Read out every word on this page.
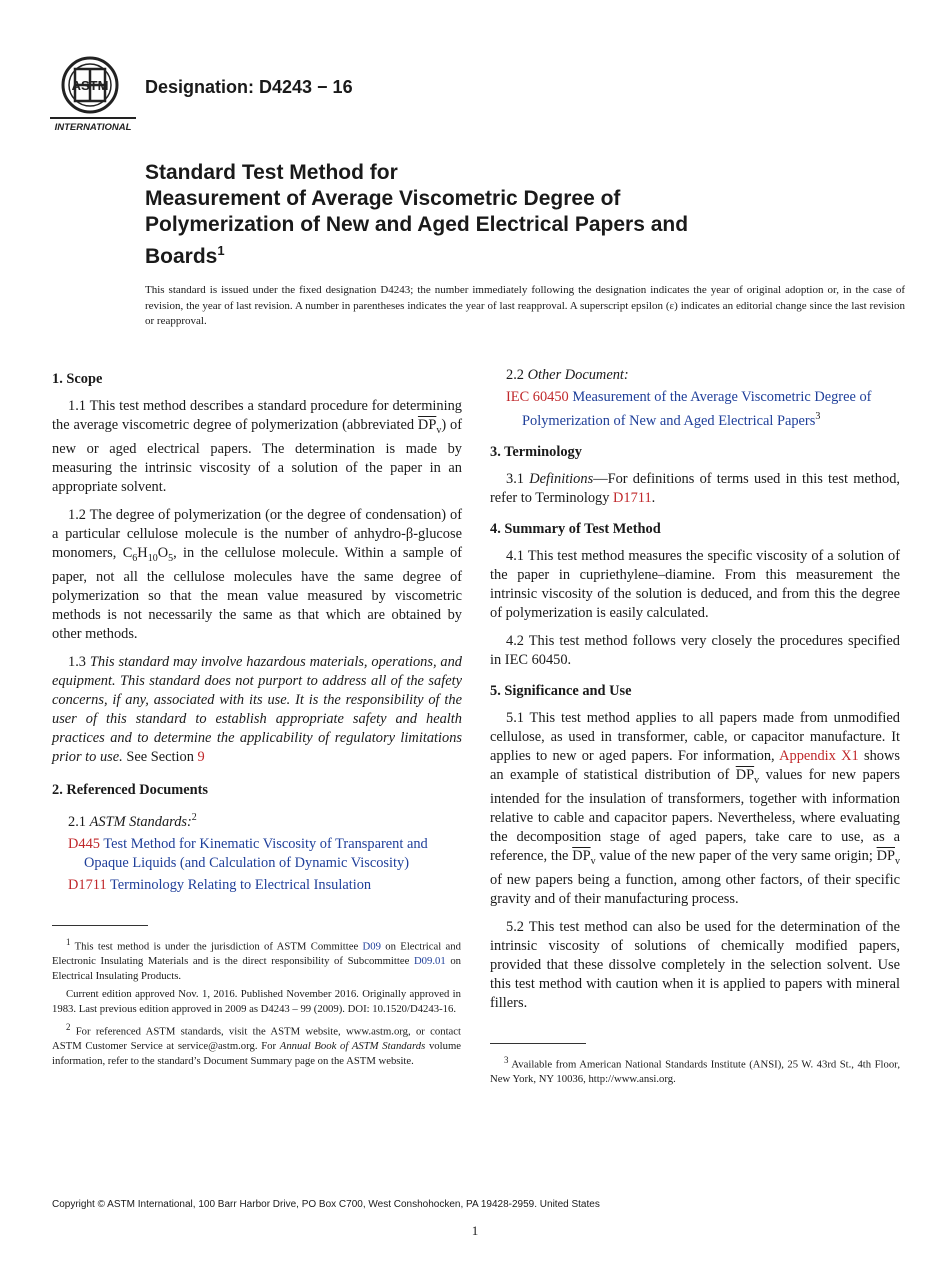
ASTM
INTERNATIONAL
Designation: D4243 − 16
Standard Test Method for
Measurement of Average Viscometric Degree of
Polymerization of New and Aged Electrical Papers and
Boards$^1$
This standard is issued under the fixed designation D4243; the number immediately following the designation indicates the year of original adoption or, in the case of revision, the year of last revision. A number in parentheses indicates the year of last reapproval. A superscript epsilon (ε) indicates an editorial change since the last revision or reapproval.
1. Scope

1.1 This test method describes a standard procedure for determining the average viscometric degree of polymerization (abbreviated $\overline{DP}_v$) of new or aged electrical papers. The determination is made by measuring the intrinsic viscosity of a solution of the paper in an appropriate solvent.

1.2 The degree of polymerization (or the degree of condensation) of a particular cellulose molecule is the number of anhydro-β-glucose monomers, $C_6H_{10}O_5$, in the cellulose molecule. Within a sample of paper, not all the cellulose molecules have the same degree of polymerization so that the mean value measured by viscometric methods is not necessarily the same as that which are obtained by other methods.

1.3 This standard may involve hazardous materials, operations, and equipment. This standard does not purport to address all of the safety concerns, if any, associated with its use. It is the responsibility of the user of this standard to establish appropriate safety and health practices and to determine the applicability of regulatory limitations prior to use. See Section 9

2. Referenced Documents
2.1 ASTM Standards:$^2$
D445 Test Method for Kinematic Viscosity of Transparent and Opaque Liquids (and Calculation of Dynamic Viscosity)
D1711 Terminology Relating to Electrical Insulation

$^1$ This test method is under the jurisdiction of ASTM Committee D09 on Electrical and Electronic Insulating Materials and is the direct responsibility of Subcommittee D09.01 on Electrical Insulating Products.

Current edition approved Nov. 1, 2016. Published November 2016. Originally approved in 1983. Last previous edition approved in 2009 as D4243 – 99 (2009). DOI: 10.1520/D4243-16.

$^2$ For referenced ASTM standards, visit the ASTM website, www.astm.org, or contact ASTM Customer Service at service@astm.org. For Annual Book of ASTM Standards volume information, refer to the standard’s Document Summary page on the ASTM website.

2.2 Other Document:
IEC 60450 Measurement of the Average Viscometric Degree of Polymerization of New and Aged Electrical Papers$^3$
3. Terminology

3.1 Definitions—For definitions of terms used in this test method, refer to Terminology D1711.

4. Summary of Test Method

4.1 This test method measures the specific viscosity of a solution of the paper in cupriethylene–diamine. From this measurement the intrinsic viscosity of the solution is deduced, and from this the degree of polymerization is easily calculated.

4.2 This test method follows very closely the procedures specified in IEC 60450.

5. Significance and Use

5.1 This test method applies to all papers made from unmodified cellulose, as used in transformer, cable, or capacitor manufacture. It applies to new or aged papers. For information, Appendix X1 shows an example of statistical distribution of $\overline{DP}_v$ values for new papers intended for the insulation of transformers, together with information relative to cable and capacitor papers. Nevertheless, where evaluating the decomposition stage of aged papers, take care to use, as a reference, the $\overline{DP}_v$ value of the new paper of the very same origin; $\overline{DP}_v$ of new papers being a function, among other factors, of their specific gravity and of their manufacturing process.

5.2 This test method can also be used for the determination of the intrinsic viscosity of solutions of chemically modified papers, provided that these dissolve completely in the selection solvent. Use this test method with caution when it is applied to papers with mineral fillers.

$^3$ Available from American National Standards Institute (ANSI), 25 W. 43rd St., 4th Floor, New York, NY 10036, http://www.ansi.org.

Copyright © ASTM International, 100 Barr Harbor Drive, PO Box C700, West Conshohocken, PA 19428-2959. United States
1
